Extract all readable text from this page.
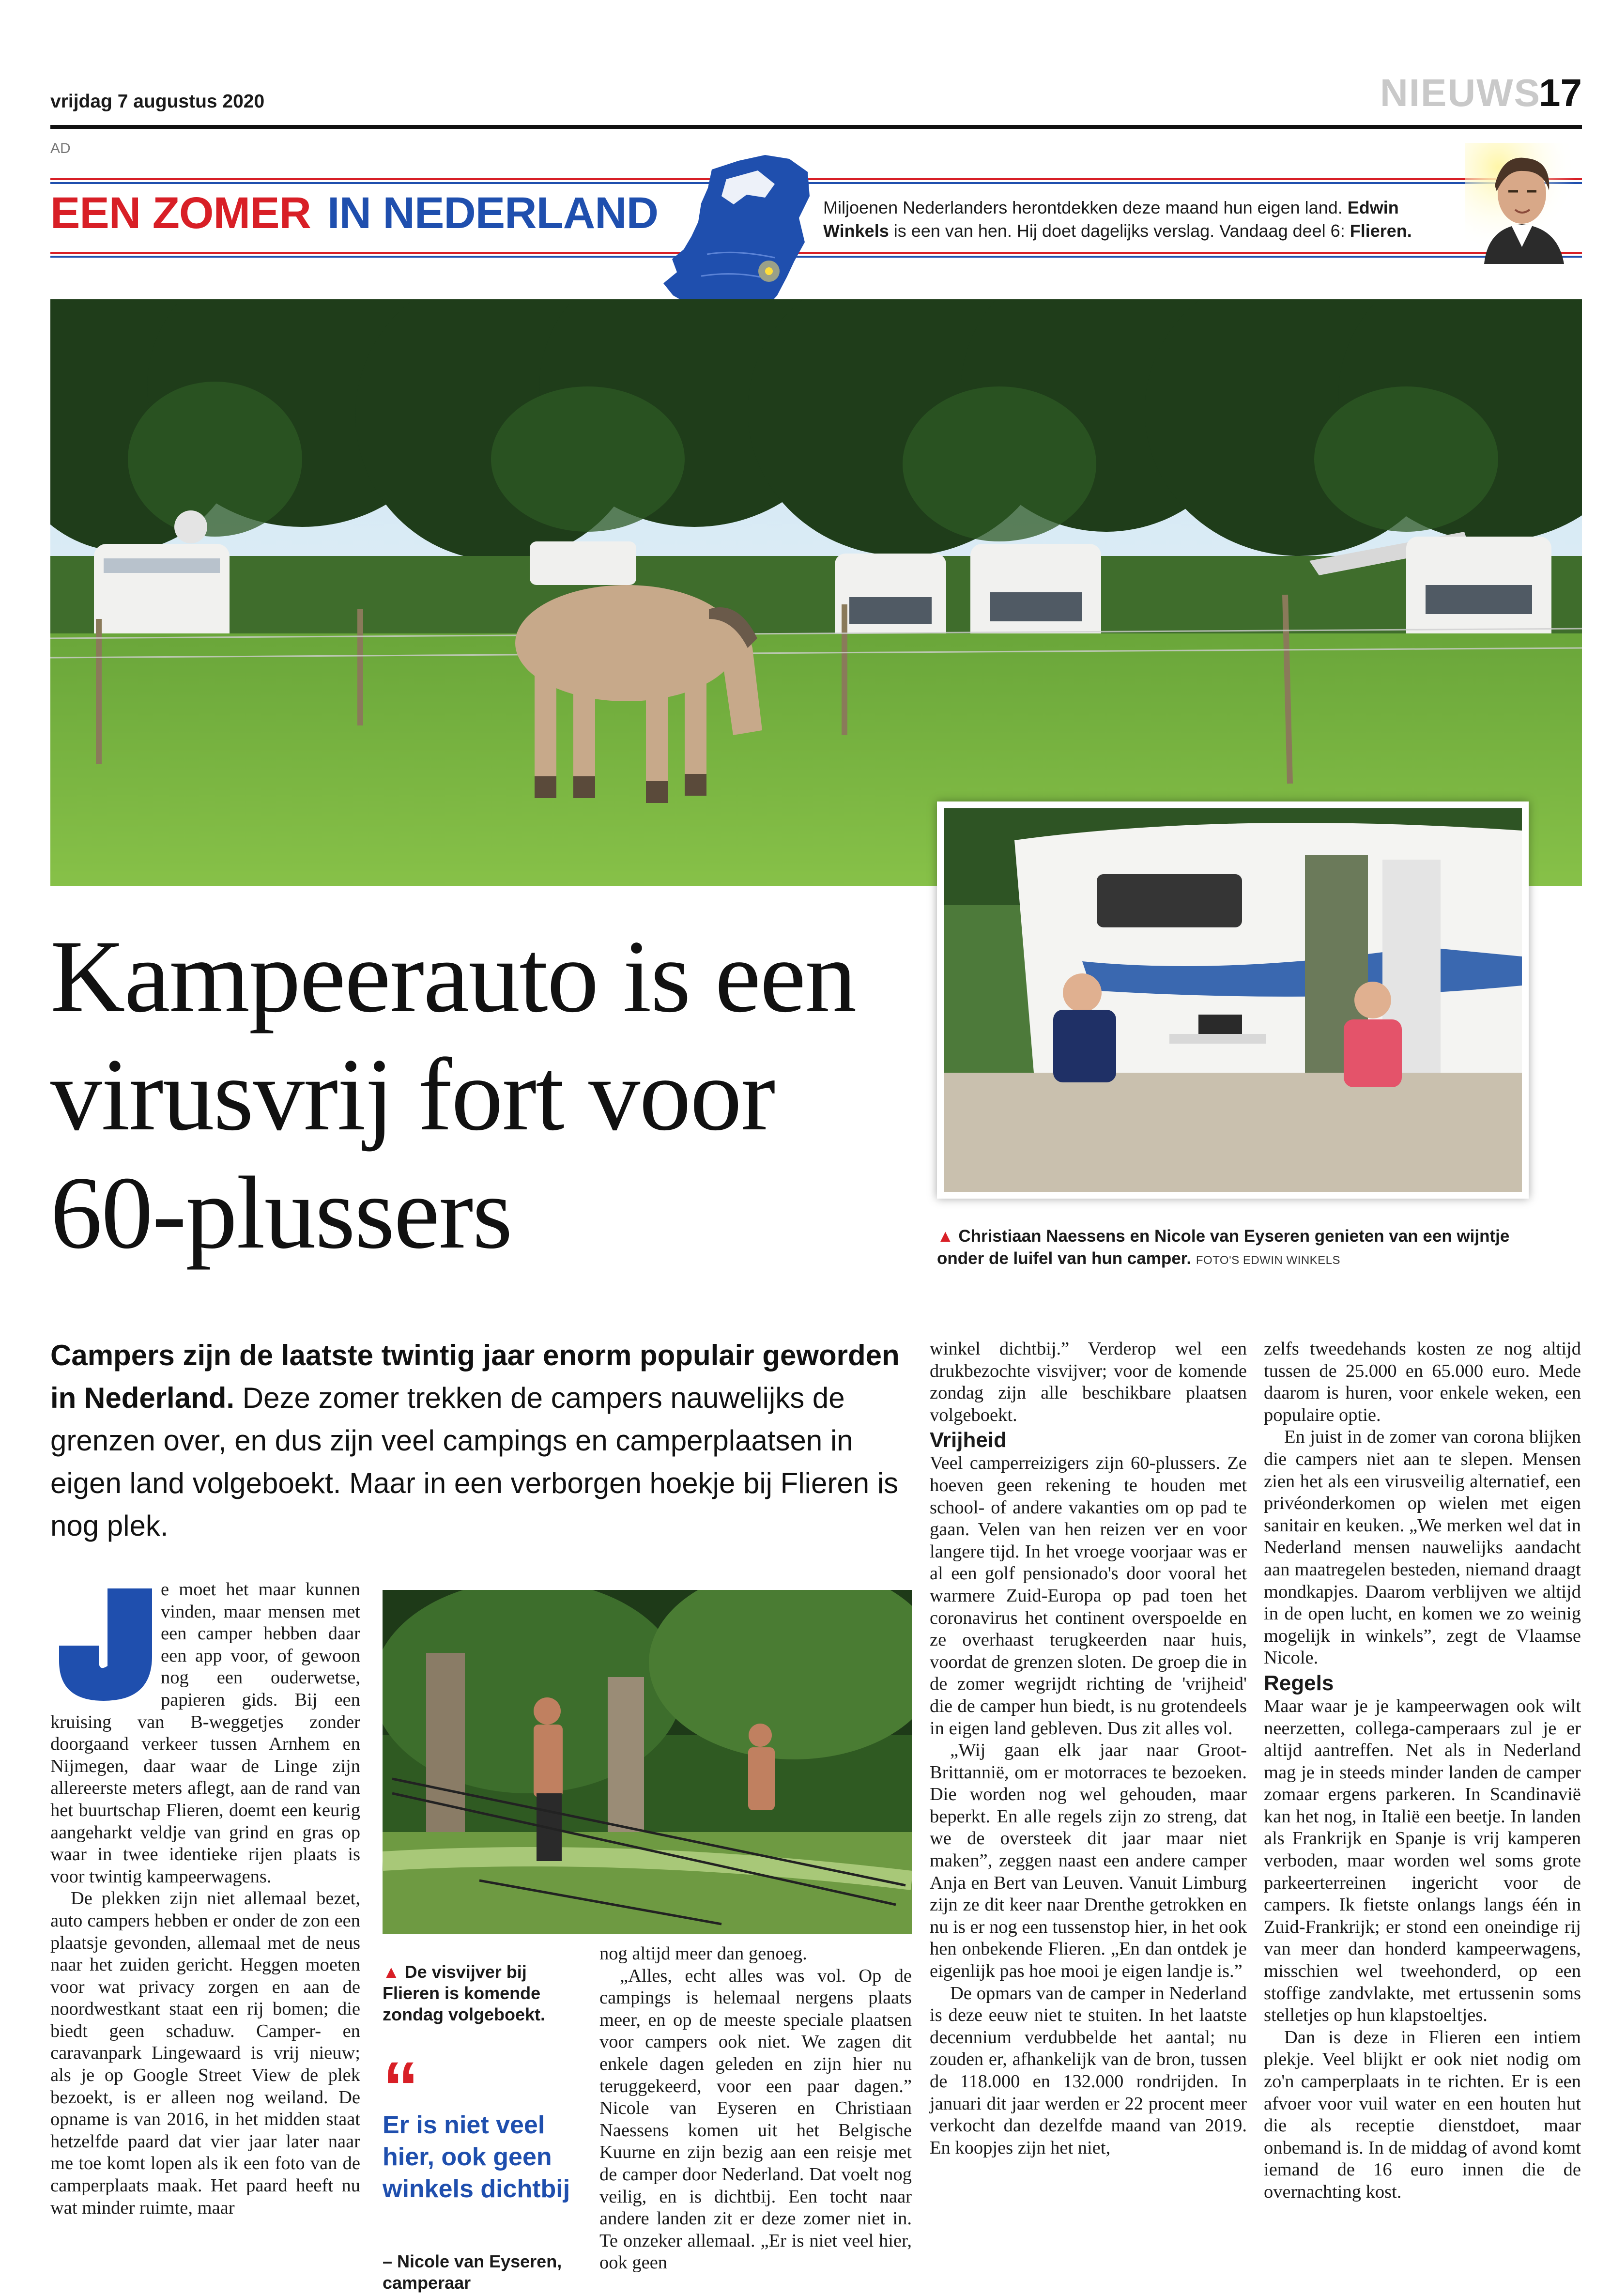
vrijdag 7 augustus 2020	NIEUWS
17
AD
EEN ZOMER IN NEDERLAND	Miljoenen Nederlanders herontdekken deze maand hun eigen land. Edwin Winkels is een van hen. Hij doet dagelijks verslag. Vandaag deel 6: Flieren.
Kampeerauto is een virusvrij fort voor 60-plussers	▲ Christiaan Naessens en Nicole van Eyseren genieten van een wijntje onder de luifel van hun camper. FOTO'S EDWIN WINKELS
Campers zijn de laatste twintig jaar enorm populair geworden in Nederland. Deze zomer trekken de campers nauwelijks de grenzen over, en dus zijn veel campings en camperplaatsen in eigen land volgeboekt. Maar in een verborgen hoekje bij Flieren is nog plek.

e moet het maar kunnen vinden, maar mensen met een camper hebben daar een app voor, of gewoon nog een ouderwetse, papieren gids. Bij een kruising van B-weggetjes zonder doorgaand verkeer tussen Arnhem en Nijmegen, daar waar de Linge zijn allereerste meters aflegt, aan de rand van het buurtschap Flieren, doemt een keurig aangeharkt veldje van grind en gras op waar in twee identieke rijen plaats is voor twintig kampeerwagens.

De plekken zijn niet allemaal bezet, auto campers hebben er onder de zon een plaatsje gevonden, allemaal met de neus naar het zuiden gericht. Heggen moeten voor wat privacy zorgen en aan de noordwestkant staat een rij bomen; die biedt geen schaduw. Camper- en caravanpark Lingewaard is vrij nieuw; als je op Google Street View de plek bezoekt, is er alleen nog weiland. De opname is van 2016, in het midden staat hetzelfde paard dat vier jaar later naar me toe komt lopen als ik een foto van de camperplaats maak. Het paard heeft nu wat minder ruimte, maar

▲ De visvijver bij Flieren is komende zondag volgeboekt.
“
Er is niet veel hier, ook geen winkels dichtbij
– Nicole van Eyseren, camperaar

nog altijd meer dan genoeg.

„Alles, echt alles was vol. Op de campings is helemaal nergens plaats meer, en op de meeste speciale plaatsen voor campers ook niet. We zagen dit enkele dagen geleden en zijn hier nu teruggekeerd, voor een paar dagen.” Nicole van Eyseren en Christiaan Naessens komen uit het Belgische Kuurne en zijn bezig aan een reisje met de camper door Nederland. Dat voelt nog veilig, en is dichtbij. Een tocht naar andere landen zit er deze zomer niet in. Te onzeker allemaal. „Er is niet veel hier, ook geen

winkel dichtbij.” Verderop wel een drukbezochte visvijver; voor de komende zondag zijn alle beschikbare plaatsen volgeboekt.

Vrijheid

Veel camperreizigers zijn 60-plussers. Ze hoeven geen rekening te houden met school- of andere vakanties om op pad te gaan. Velen van hen reizen ver en voor langere tijd. In het vroege voorjaar was er al een golf pensionado's door vooral het warmere Zuid-Europa op pad toen het coronavirus het continent overspoelde en ze overhaast terugkeerden naar huis, voordat de grenzen sloten. De groep die in de zomer wegrijdt richting de 'vrijheid' die de camper hun biedt, is nu grotendeels in eigen land gebleven. Dus zit alles vol.

„Wij gaan elk jaar naar Groot-Brittannië, om er motorraces te bezoeken. Die worden nog wel gehouden, maar beperkt. En alle regels zijn zo streng, dat we de oversteek dit jaar maar niet maken”, zeggen naast een andere camper Anja en Bert van Leuven. Vanuit Limburg zijn ze dit keer naar Drenthe getrokken en nu is er nog een tussenstop hier, in het ook hen onbekende Flieren. „En dan ontdek je eigenlijk pas hoe mooi je eigen landje is.”

De opmars van de camper in Nederland is deze eeuw niet te stuiten. In het laatste decennium verdubbelde het aantal; nu zouden er, afhankelijk van de bron, tussen de 118.000 en 132.000 rondrijden. In januari dit jaar werden er 22 procent meer verkocht dan dezelfde maand van 2019. En koopjes zijn het niet,

zelfs tweedehands kosten ze nog altijd tussen de 25.000 en 65.000 euro. Mede daarom is huren, voor enkele weken, een populaire optie.

En juist in de zomer van corona blijken die campers niet aan te slepen. Mensen zien het als een virusveilig alternatief, een privéonderkomen op wielen met eigen sanitair en keuken. „We merken wel dat in Nederland mensen nauwelijks aandacht aan maatregelen besteden, niemand draagt mondkapjes. Daarom verblijven we altijd in de open lucht, en komen we zo weinig mogelijk in winkels”, zegt de Vlaamse Nicole.

Regels

Maar waar je je kampeerwagen ook wilt neerzetten, collega-camperaars zul je er altijd aantreffen. Net als in Nederland mag je in steeds minder landen de camper zomaar ergens parkeren. In Scandinavië kan het nog, in Italië een beetje. In landen als Frankrijk en Spanje is vrij kamperen verboden, maar worden wel soms grote parkeerterreinen ingericht voor de campers. Ik fietste onlangs langs één in Zuid-Frankrijk; er stond een oneindige rij van meer dan honderd kampeerwagens, misschien wel tweehonderd, op een stoffige zandvlakte, met ertussenin soms stelletjes op hun klapstoeltjes.

Dan is deze in Flieren een intiem plekje. Veel blijkt er ook niet nodig om zo'n camperplaats in te richten. Er is een afvoer voor vuil water en een houten hut die als receptie dienstdoet, maar onbemand is. In de middag of avond komt iemand de 16 euro innen die de overnachting kost.
